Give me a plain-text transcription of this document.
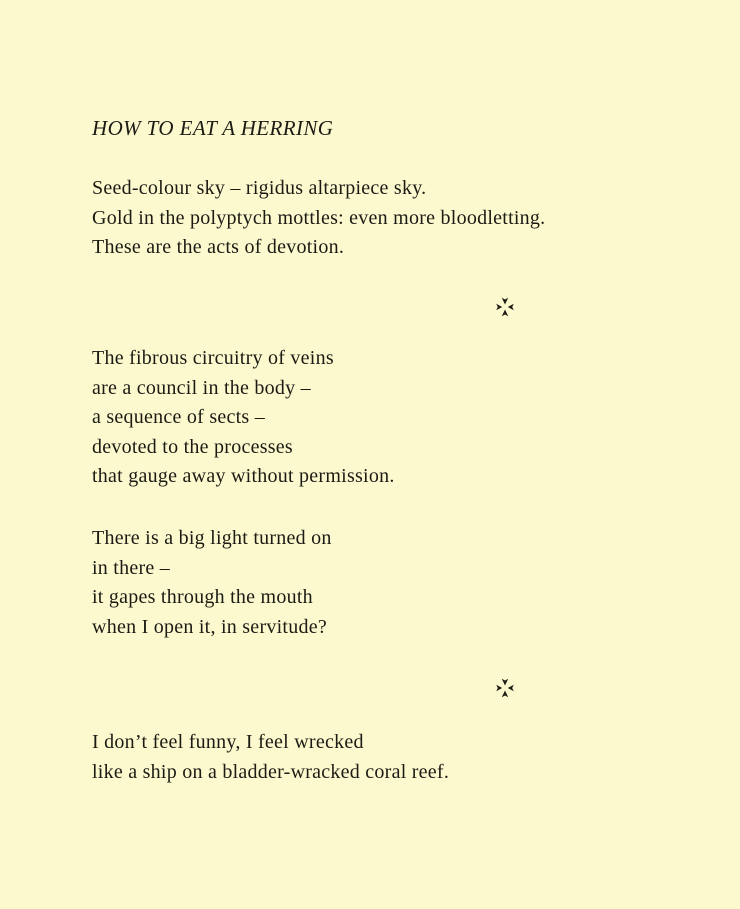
HOW TO EAT A HERRING

Seed-colour sky – rigidus altarpiece sky.

Gold in the polyptych mottles: even more bloodletting.

These are the acts of devotion.

The fibrous circuitry of veins

are a council in the body –

a sequence of sects –

devoted to the processes

that gauge away without permission.

There is a big light turned on

in there –

it gapes through the mouth

when I open it, in servitude?

I don’t feel funny, I feel wrecked

like a ship on a bladder-wracked coral reef.
